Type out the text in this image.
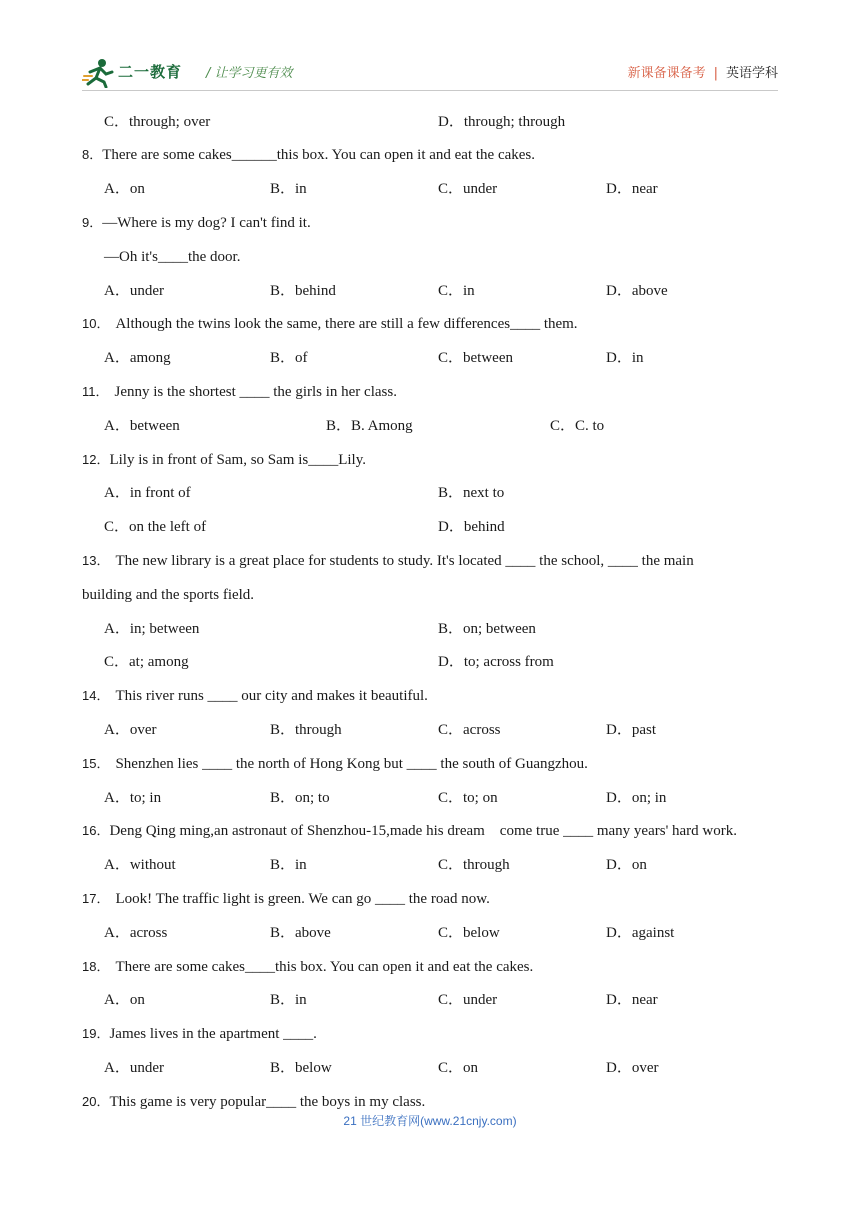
二一教育 / 让学习更有效	新课备课备考 | 英语学科
C．through; over	D．through; through
8．There are some cakes______this box. You can open it and eat the cakes.
A．on	B．in	C．under	D．near
9．—Where is my dog? I can't find it.
—Oh it's____the door.
A．under	B．behind	C．in	D．above
10． Although the twins look the same, there are still a few differences____ them.
A．among	B．of	C．between	D．in
11． Jenny is the shortest ____ the girls in her class.
A．between	B．B. Among	C．C. to
12．Lily is in front of Sam, so Sam is____Lily.
A．in front of	B．next to
C．on the left of	D．behind
13． The new library is a great place for students to study. It's located ____ the school, ____ the main
building and the sports field.
A．in; between	B．on; between
C．at; among	D．to; across from
14． This river runs ____ our city and makes it beautiful.
A．over	B．through	C．across	D．past
15． Shenzhen lies ____ the north of Hong Kong but ____ the south of Guangzhou.
A．to; in	B．on; to	C．to; on	D．on; in
16．Deng Qing ming,an astronaut of Shenzhou-15,made his dream    come true ____ many years' hard work.
A．without	B．in	C．through	D．on
17． Look! The traffic light is green. We can go ____ the road now.
A．across	B．above	C．below	D．against
18． There are some cakes____this box. You can open it and eat the cakes.
A．on	B．in	C．under	D．near
19．James lives in the apartment ____.
A．under	B．below	C．on	D．over
20．This game is very popular____ the boys in my class.
21 世纪教育网(www.21cnjy.com)
